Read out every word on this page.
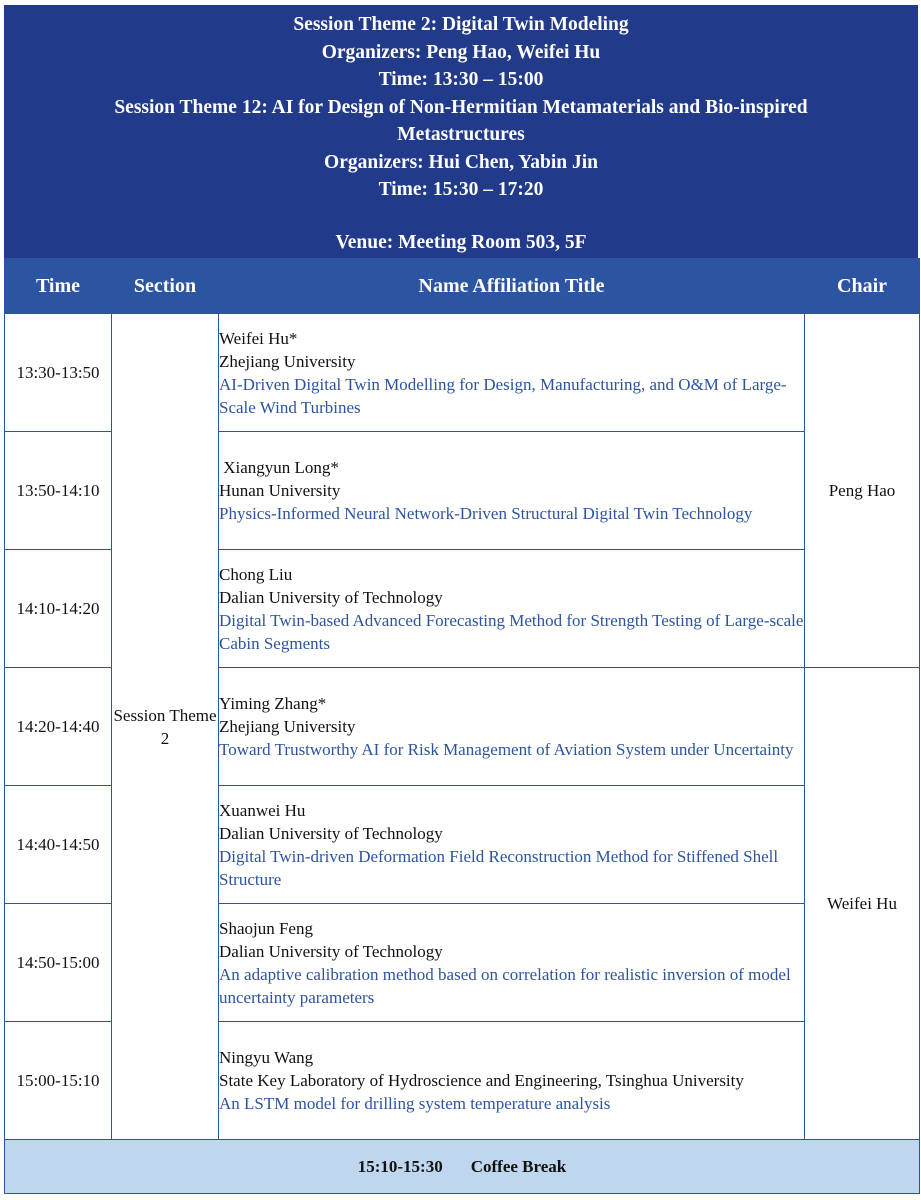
Session Theme 2: Digital Twin Modeling
Organizers: Peng Hao, Weifei Hu
Time: 13:30 – 15:00
Session Theme 12: AI for Design of Non-Hermitian Metamaterials and Bio-inspired
Metastructures
Organizers: Hui Chen, Yabin Jin
Time: 15:30 – 17:20
Venue: Meeting Room 503, 5F
Time	Section	Name Affiliation Title	Chair
13:30-13:50	Session Theme 2	Weifei Hu*
Zhejiang University
AI-Driven Digital Twin Modelling for Design, Manufacturing, and O&M of Large-Scale Wind Turbines	Peng Hao
13:50-14:10		Xiangyun Long*
Hunan University
Physics-Informed Neural Network-Driven Structural Digital Twin Technology	

14:10-14:20		Chong Liu
Dalian University of Technology
Digital Twin-based Advanced Forecasting Method for Strength Testing of Large-scale Cabin Segments	

14:20-14:40		Yiming Zhang*
Zhejiang University
Toward Trustworthy AI for Risk Management of Aviation System under Uncertainty	Weifei Hu
14:40-14:50		Xuanwei Hu
Dalian University of Technology
Digital Twin-driven Deformation Field Reconstruction Method for Stiffened Shell Structure	

14:50-15:00		Shaojun Feng
Dalian University of Technology
An adaptive calibration method based on correlation for realistic inversion of model uncertainty parameters	

15:00-15:10		Ningyu Wang
State Key Laboratory of Hydroscience and Engineering, Tsinghua University
An LSTM model for drilling system temperature analysis	

15:10-15:30 Coffee Break			
